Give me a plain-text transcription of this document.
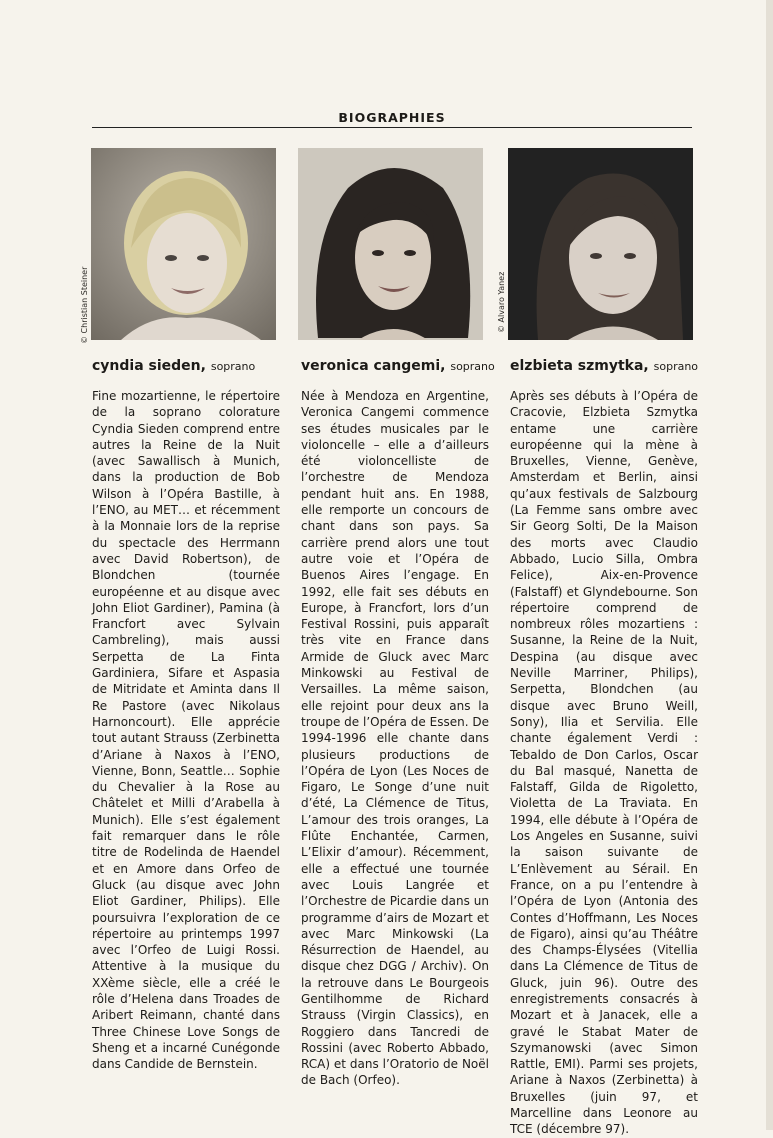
BIOGRAPHIES
© Christian Steiner	© Alvaro Yanez
cyndia sieden, soprano

Fine mozartienne, le répertoire de la soprano colorature Cyndia Sieden comprend entre autres la Reine de la Nuit (avec Sawallisch à Munich, dans la production de Bob Wilson à l’Opéra Bastille, à l’ENO, au MET… et récemment à la Monnaie lors de la reprise du spectacle des Herrmann avec David Robertson), de Blondchen (tournée européenne et au disque avec John Eliot Gardiner), Pamina (à Francfort avec Sylvain Cambreling), mais aussi Serpetta de La Finta Gardiniera, Sifare et Aspasia de Mitridate et Aminta dans Il Re Pastore (avec Nikolaus Harnoncourt). Elle apprécie tout autant Strauss (Zerbinetta d’Ariane à Naxos à l’ENO, Vienne, Bonn, Seattle… Sophie du Chevalier à la Rose au Châtelet et Milli d’Arabella à Munich). Elle s’est également fait remarquer dans le rôle titre de Rodelinda de Haendel et en Amore dans Orfeo de Gluck (au disque avec John Eliot Gardiner, Philips). Elle poursuivra l’exploration de ce répertoire au printemps 1997 avec l’Orfeo de Luigi Rossi. Attentive à la musique du XXème siècle, elle a créé le rôle d’Helena dans Troades de Aribert Reimann, chanté dans Three Chinese Love Songs de Sheng et a incarné Cunégonde dans Candide de Bernstein.

veronica cangemi, soprano

Née à Mendoza en Argentine, Veronica Cangemi commence ses études musicales par le violoncelle – elle a d’ailleurs été violoncelliste de l’orchestre de Mendoza pendant huit ans. En 1988, elle remporte un concours de chant dans son pays. Sa carrière prend alors une tout autre voie et l’Opéra de Buenos Aires l’engage. En 1992, elle fait ses débuts en Europe, à Francfort, lors d’un Festival Rossini, puis apparaît très vite en France dans Armide de Gluck avec Marc Minkowski au Festival de Versailles. La même saison, elle rejoint pour deux ans la troupe de l’Opéra de Essen. De 1994-1996 elle chante dans plusieurs productions de l’Opéra de Lyon (Les Noces de Figaro, Le Songe d’une nuit d’été, La Clémence de Titus, L’amour des trois oranges, La Flûte Enchantée, Carmen, L’Elixir d’amour). Récemment, elle a effectué une tournée avec Louis Langrée et l’Orchestre de Picardie dans un programme d’airs de Mozart et avec Marc Minkowski (La Résurrection de Haendel, au disque chez DGG / Archiv). On la retrouve dans Le Bourgeois Gentilhomme de Richard Strauss (Virgin Classics), en Roggiero dans Tancredi de Rossini (avec Roberto Abbado, RCA) et dans l’Oratorio de Noël de Bach (Orfeo).

elzbieta szmytka, soprano

Après ses débuts à l’Opéra de Cracovie, Elzbieta Szmytka entame une carrière européenne qui la mène à Bruxelles, Vienne, Genève, Amsterdam et Berlin, ainsi qu’aux festivals de Salzbourg (La Femme sans ombre avec Sir Georg Solti, De la Maison des morts avec Claudio Abbado, Lucio Silla, Ombra Felice), Aix-en-Provence (Falstaff) et Glyndebourne. Son répertoire comprend de nombreux rôles mozartiens : Susanne, la Reine de la Nuit, Despina (au disque avec Neville Marriner, Philips), Serpetta, Blondchen (au disque avec Bruno Weill, Sony), Ilia et Servilia. Elle chante également Verdi : Tebaldo de Don Carlos, Oscar du Bal masqué, Nanetta de Falstaff, Gilda de Rigoletto, Violetta de La Traviata. En 1994, elle débute à l’Opéra de Los Angeles en Susanne, suivi la saison suivante de L’Enlèvement au Sérail. En France, on a pu l’entendre à l’Opéra de Lyon (Antonia des Contes d’Hoffmann, Les Noces de Figaro), ainsi qu’au Théâtre des Champs-Élysées (Vitellia dans La Clémence de Titus de Gluck, juin 96). Outre des enregistrements consacrés à Mozart et à Janacek, elle a gravé le Stabat Mater de Szymanowski (avec Simon Rattle, EMI). Parmi ses projets, Ariane à Naxos (Zerbinetta) à Bruxelles (juin 97, et Marcelline dans Leonore au TCE (décembre 97).
